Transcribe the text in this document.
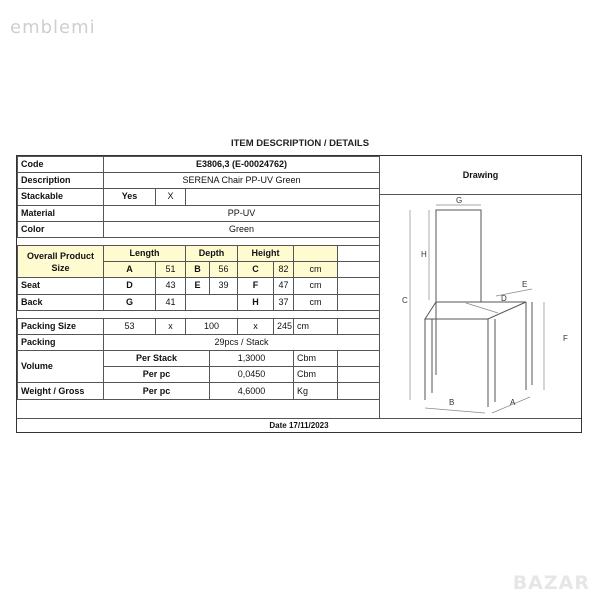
emblemi
ITEM DESCRIPTION / DETAILS
Code	E3806,3 (E-00024762)							
Description	SERENA Chair PP-UV Green							
Stackable	Yes	X						
Material	PP-UV							
Color	Green							

Overall Product Size	Length		Depth		Height			
	A	51	B	56	C	82	cm	
Seat	D	43	E	39	F	47	cm	
Back	G	41			H	37	cm	

Packing Size	53	x	100		x	245	cm	
Packing	29pcs / Stack							
Volume	Per Stack			1,3000			Cbm	
	Per pc			0,0450			Cbm	
Weight / Gross	Per pc			4,6000			Kg	
Drawing
G
H
C	D
E
F
B	A
Date 17/11/2023
BAZAR
